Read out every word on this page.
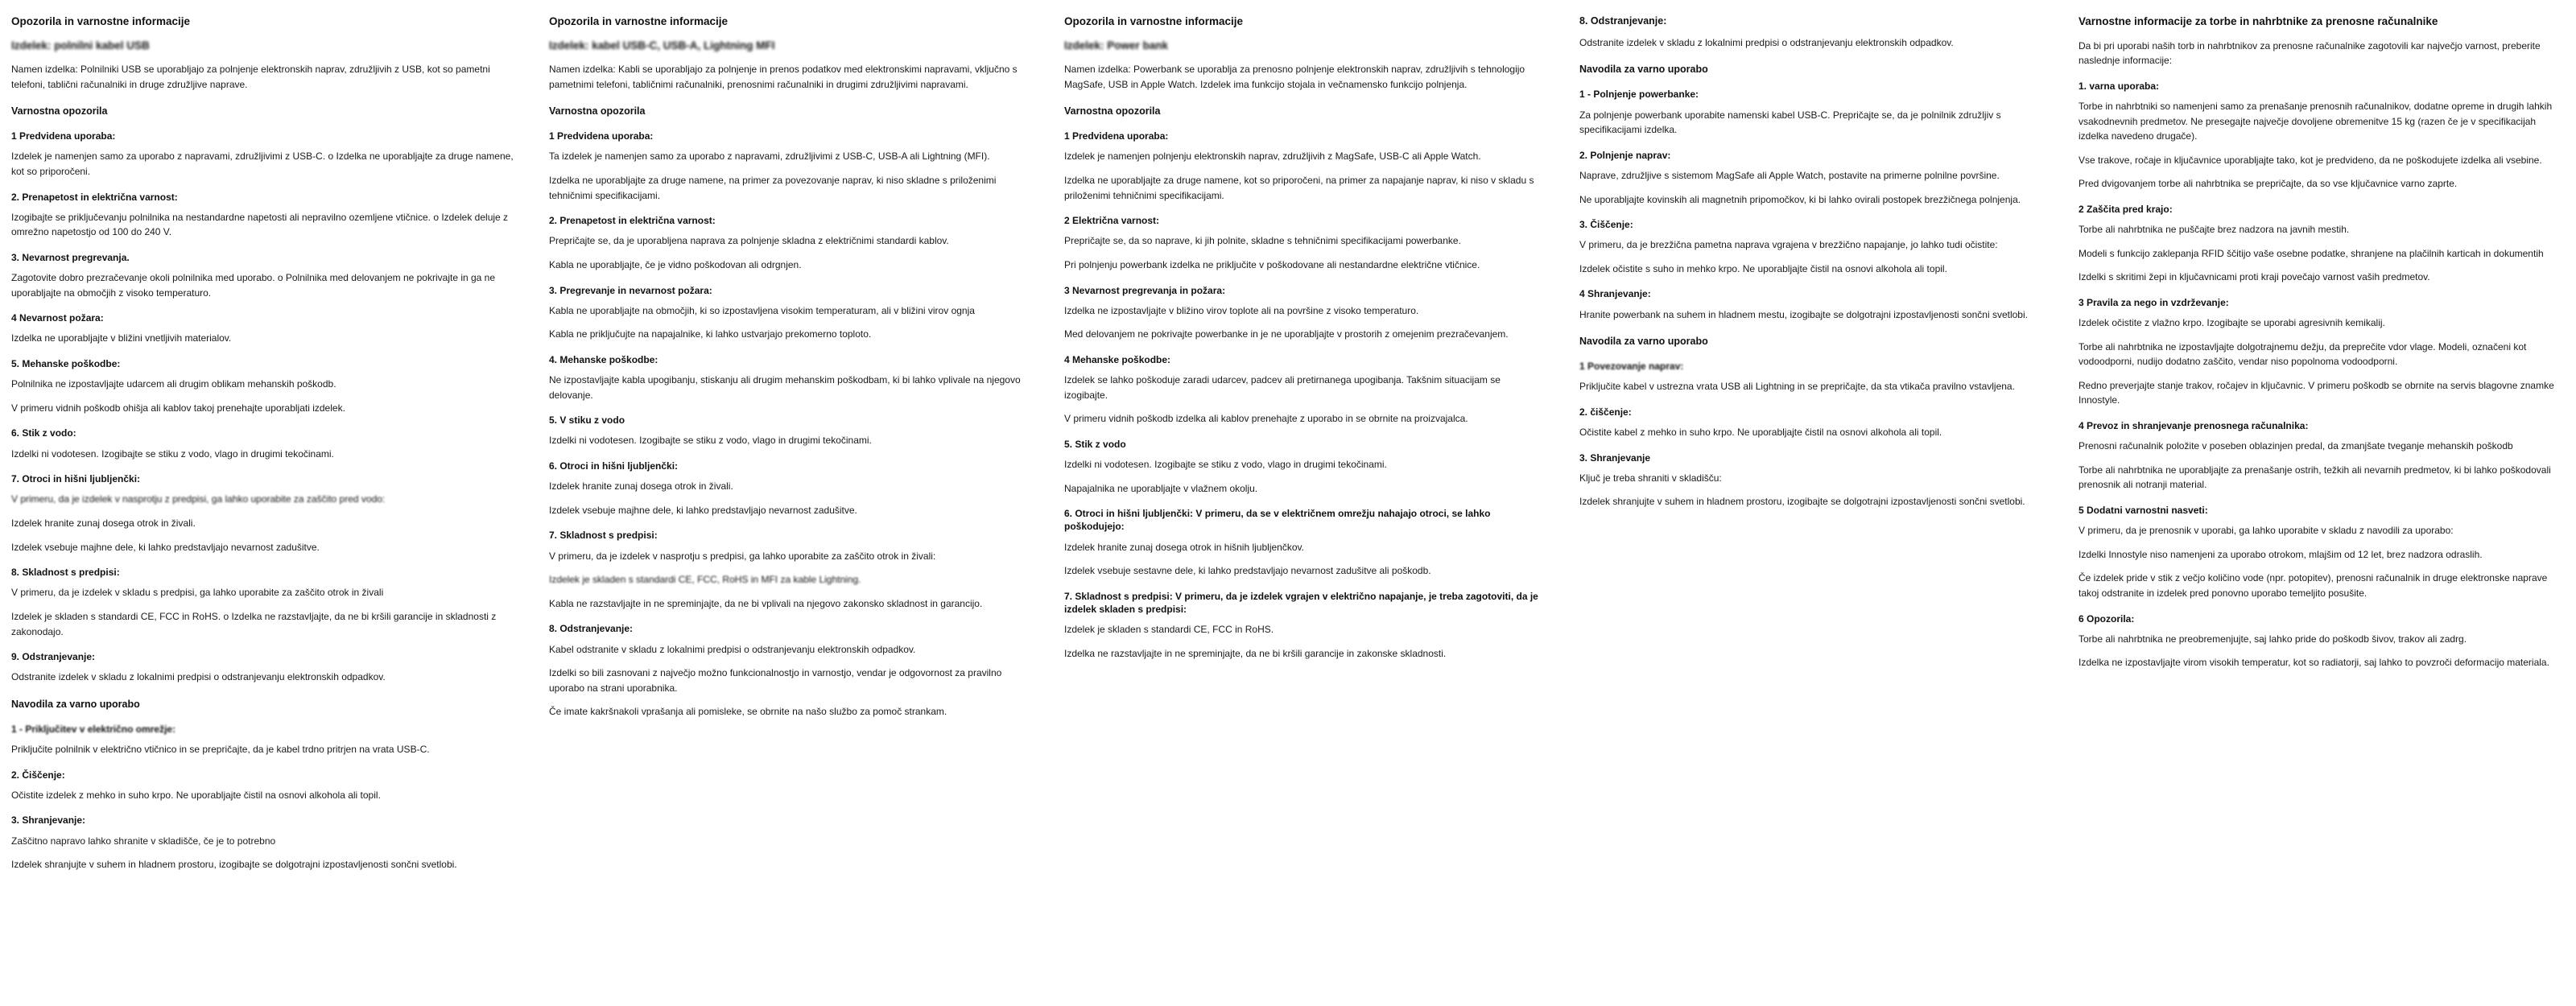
Opozorila in varnostne informacije
Izdelek: polnilni kabel USB

Namen izdelka: Polnilniki USB se uporabljajo za polnjenje elektronskih naprav, združljivih z USB, kot so pametni telefoni, tablični računalniki in druge združljive naprave.

Varnostna opozorila
1 Predvidena uporaba:

Izdelek je namenjen samo za uporabo z napravami, združljivimi z USB-C. o Izdelka ne uporabljajte za druge namene, kot so priporočeni.

2. Prenapetost in električna varnost:

Izogibajte se priključevanju polnilnika na nestandardne napetosti ali nepravilno ozemljene vtičnice. o Izdelek deluje z omrežno napetostjo od 100 do 240 V.

3. Nevarnost pregrevanja.

Zagotovite dobro prezračevanje okoli polnilnika med uporabo. o Polnilnika med delovanjem ne pokrivajte in ga ne uporabljajte na območjih z visoko temperaturo.

4 Nevarnost požara:

Izdelka ne uporabljajte v bližini vnetljivih materialov.

5. Mehanske poškodbe:

Polnilnika ne izpostavljajte udarcem ali drugim oblikam mehanskih poškodb.

V primeru vidnih poškodb ohišja ali kablov takoj prenehajte uporabljati izdelek.

6. Stik z vodo:

Izdelki ni vodotesen. Izogibajte se stiku z vodo, vlago in drugimi tekočinami.

7. Otroci in hišni ljubljenčki:

V primeru, da je izdelek v nasprotju z predpisi, ga lahko uporabite za zaščito pred vodo:

Izdelek hranite zunaj dosega otrok in živali.

Izdelek vsebuje majhne dele, ki lahko predstavljajo nevarnost zadušitve.

8. Skladnost s predpisi:

V primeru, da je izdelek v skladu s predpisi, ga lahko uporabite za zaščito otrok in živali

Izdelek je skladen s standardi CE, FCC in RoHS. o Izdelka ne razstavljajte, da ne bi kršili garancije in skladnosti z zakonodajo.

9. Odstranjevanje:

Odstranite izdelek v skladu z lokalnimi predpisi o odstranjevanju elektronskih odpadkov.

Navodila za varno uporabo
1 - Priključitev v električno omrežje:

Priključite polnilnik v električno vtičnico in se prepričajte, da je kabel trdno pritrjen na vrata USB-C.

2. Čiščenje:

Očistite izdelek z mehko in suho krpo. Ne uporabljajte čistil na osnovi alkohola ali topil.

3. Shranjevanje:

Zaščitno napravo lahko shranite v skladišče, če je to potrebno

Izdelek shranjujte v suhem in hladnem prostoru, izogibajte se dolgotrajni izpostavljenosti sončni svetlobi.

Opozorila in varnostne informacije
Izdelek: kabel USB-C, USB-A, Lightning MFI

Namen izdelka: Kabli se uporabljajo za polnjenje in prenos podatkov med elektronskimi napravami, vključno s pametnimi telefoni, tabličnimi računalniki, prenosnimi računalniki in drugimi združljivimi napravami.

Varnostna opozorila
1 Predvidena uporaba:

Ta izdelek je namenjen samo za uporabo z napravami, združljivimi z USB-C, USB-A ali Lightning (MFI).

Izdelka ne uporabljajte za druge namene, na primer za povezovanje naprav, ki niso skladne s priloženimi tehničnimi specifikacijami.

2. Prenapetost in električna varnost:

Prepričajte se, da je uporabljena naprava za polnjenje skladna z električnimi standardi kablov.

Kabla ne uporabljajte, če je vidno poškodovan ali odrgnjen.

3. Pregrevanje in nevarnost požara:

Kabla ne uporabljajte na območjih, ki so izpostavljena visokim temperaturam, ali v bližini virov ognja

Kabla ne priključujte na napajalnike, ki lahko ustvarjajo prekomerno toploto.

4. Mehanske poškodbe:

Ne izpostavljajte kabla upogibanju, stiskanju ali drugim mehanskim poškodbam, ki bi lahko vplivale na njegovo delovanje.

5. V stiku z vodo

Izdelki ni vodotesen. Izogibajte se stiku z vodo, vlago in drugimi tekočinami.

6. Otroci in hišni ljubljenčki:

Izdelek hranite zunaj dosega otrok in živali.

Izdelek vsebuje majhne dele, ki lahko predstavljajo nevarnost zadušitve.

7. Skladnost s predpisi:

V primeru, da je izdelek v nasprotju s predpisi, ga lahko uporabite za zaščito otrok in živali:

Izdelek je skladen s standardi CE, FCC, RoHS in MFI za kable Lightning.

Kabla ne razstavljajte in ne spreminjajte, da ne bi vplivali na njegovo zakonsko skladnost in garancijo.

8. Odstranjevanje:

Kabel odstranite v skladu z lokalnimi predpisi o odstranjevanju elektronskih odpadkov.

Izdelki so bili zasnovani z največjo možno funkcionalnostjo in varnostjo, vendar je odgovornost za pravilno uporabo na strani uporabnika.

Če imate kakršnakoli vprašanja ali pomisleke, se obrnite na našo službo za pomoč strankam.

Opozorila in varnostne informacije
Izdelek: Power bank

Namen izdelka: Powerbank se uporablja za prenosno polnjenje elektronskih naprav, združljivih s tehnologijo MagSafe, USB in Apple Watch. Izdelek ima funkcijo stojala in večnamensko funkcijo polnjenja.

Varnostna opozorila
1 Predvidena uporaba:

Izdelek je namenjen polnjenju elektronskih naprav, združljivih z MagSafe, USB-C ali Apple Watch.

Izdelka ne uporabljajte za druge namene, kot so priporočeni, na primer za napajanje naprav, ki niso v skladu s priloženimi tehničnimi specifikacijami.

2 Električna varnost:

Prepričajte se, da so naprave, ki jih polnite, skladne s tehničnimi specifikacijami powerbanke.

Pri polnjenju powerbank izdelka ne priključite v poškodovane ali nestandardne električne vtičnice.

3 Nevarnost pregrevanja in požara:

Izdelka ne izpostavljajte v bližino virov toplote ali na površine z visoko temperaturo.

Med delovanjem ne pokrivajte powerbanke in je ne uporabljajte v prostorih z omejenim prezračevanjem.

4 Mehanske poškodbe:

Izdelek se lahko poškoduje zaradi udarcev, padcev ali pretirnanega upogibanja. Takšnim situacijam se izogibajte.

V primeru vidnih poškodb izdelka ali kablov prenehajte z uporabo in se obrnite na proizvajalca.

5. Stik z vodo

Izdelki ni vodotesen. Izogibajte se stiku z vodo, vlago in drugimi tekočinami.

Napajalnika ne uporabljajte v vlažnem okolju.

6. Otroci in hišni ljubljenčki: V primeru, da se v električnem omrežju nahajajo otroci, se lahko poškodujejo:

Izdelek hranite zunaj dosega otrok in hišnih ljubljenčkov.

Izdelek vsebuje sestavne dele, ki lahko predstavljajo nevarnost zadušitve ali poškodb.

7. Skladnost s predpisi: V primeru, da je izdelek vgrajen v električno napajanje, je treba zagotoviti, da je izdelek skladen s predpisi:

Izdelek je skladen s standardi CE, FCC in RoHS.

Izdelka ne razstavljajte in ne spreminjajte, da ne bi kršili garancije in zakonske skladnosti.

8. Odstranjevanje:

Odstranite izdelek v skladu z lokalnimi predpisi o odstranjevanju elektronskih odpadkov.

Navodila za varno uporabo
1 - Polnjenje powerbanke:

Za polnjenje powerbank uporabite namenski kabel USB-C. Prepričajte se, da je polnilnik združljiv s specifikacijami izdelka.

2. Polnjenje naprav:

Naprave, združljive s sistemom MagSafe ali Apple Watch, postavite na primerne polnilne površine.

Ne uporabljajte kovinskih ali magnetnih pripomočkov, ki bi lahko ovirali postopek brezžičnega polnjenja.

3. Čiščenje:

V primeru, da je brezžična pametna naprava vgrajena v brezžično napajanje, jo lahko tudi očistite:

Izdelek očistite s suho in mehko krpo. Ne uporabljajte čistil na osnovi alkohola ali topil.

4 Shranjevanje:

Hranite powerbank na suhem in hladnem mestu, izogibajte se dolgotrajni izpostavljenosti sončni svetlobi.

Navodila za varno uporabo
1 Povezovanje naprav:

Priključite kabel v ustrezna vrata USB ali Lightning in se prepričajte, da sta vtikača pravilno vstavljena.

2. čiščenje:

Očistite kabel z mehko in suho krpo. Ne uporabljajte čistil na osnovi alkohola ali topil.

3. Shranjevanje

Ključ je treba shraniti v skladišču:

Izdelek shranjujte v suhem in hladnem prostoru, izogibajte se dolgotrajni izpostavljenosti sončni svetlobi.

Varnostne informacije za torbe in nahrbtnike za prenosne računalnike

Da bi pri uporabi naših torb in nahrbtnikov za prenosne računalnike zagotovili kar največjo varnost, preberite naslednje informacije:

1. varna uporaba:

Torbe in nahrbtniki so namenjeni samo za prenašanje prenosnih računalnikov, dodatne opreme in drugih lahkih vsakodnevnih predmetov. Ne presegajte največje dovoljene obremenitve 15 kg (razen če je v specifikacijah izdelka navedeno drugače).

Vse trakove, ročaje in ključavnice uporabljajte tako, kot je predvideno, da ne poškodujete izdelka ali vsebine.

Pred dvigovanjem torbe ali nahrbtnika se prepričajte, da so vse ključavnice varno zaprte.

2 Zaščita pred krajo:

Torbe ali nahrbtnika ne puščajte brez nadzora na javnih mestih.

Modeli s funkcijo zaklepanja RFID ščitijo vaše osebne podatke, shranjene na plačilnih karticah in dokumentih

Izdelki s skritimi žepi in ključavnicami proti kraji povečajo varnost vaših predmetov.

3 Pravila za nego in vzdrževanje:

Izdelek očistite z vlažno krpo. Izogibajte se uporabi agresivnih kemikalij.

Torbe ali nahrbtnika ne izpostavljajte dolgotrajnemu dežju, da preprečite vdor vlage. Modeli, označeni kot vodoodporni, nudijo dodatno zaščito, vendar niso popolnoma vodoodporni.

Redno preverjajte stanje trakov, ročajev in ključavnic. V primeru poškodb se obrnite na servis blagovne znamke Innostyle.

4 Prevoz in shranjevanje prenosnega računalnika:

Prenosni računalnik položite v poseben oblazinjen predal, da zmanjšate tveganje mehanskih poškodb

Torbe ali nahrbtnika ne uporabljajte za prenašanje ostrih, težkih ali nevarnih predmetov, ki bi lahko poškodovali prenosnik ali notranji material.

5 Dodatni varnostni nasveti:

V primeru, da je prenosnik v uporabi, ga lahko uporabite v skladu z navodili za uporabo:

Izdelki Innostyle niso namenjeni za uporabo otrokom, mlajšim od 12 let, brez nadzora odraslih.

Če izdelek pride v stik z večjo količino vode (npr. potopitev), prenosni računalnik in druge elektronske naprave takoj odstranite in izdelek pred ponovno uporabo temeljito posušite.

6 Opozorila:

Torbe ali nahrbtnika ne preobremenjujte, saj lahko pride do poškodb šivov, trakov ali zadrg.

Izdelka ne izpostavljajte virom visokih temperatur, kot so radiatorji, saj lahko to povzroči deformacijo materiala.
